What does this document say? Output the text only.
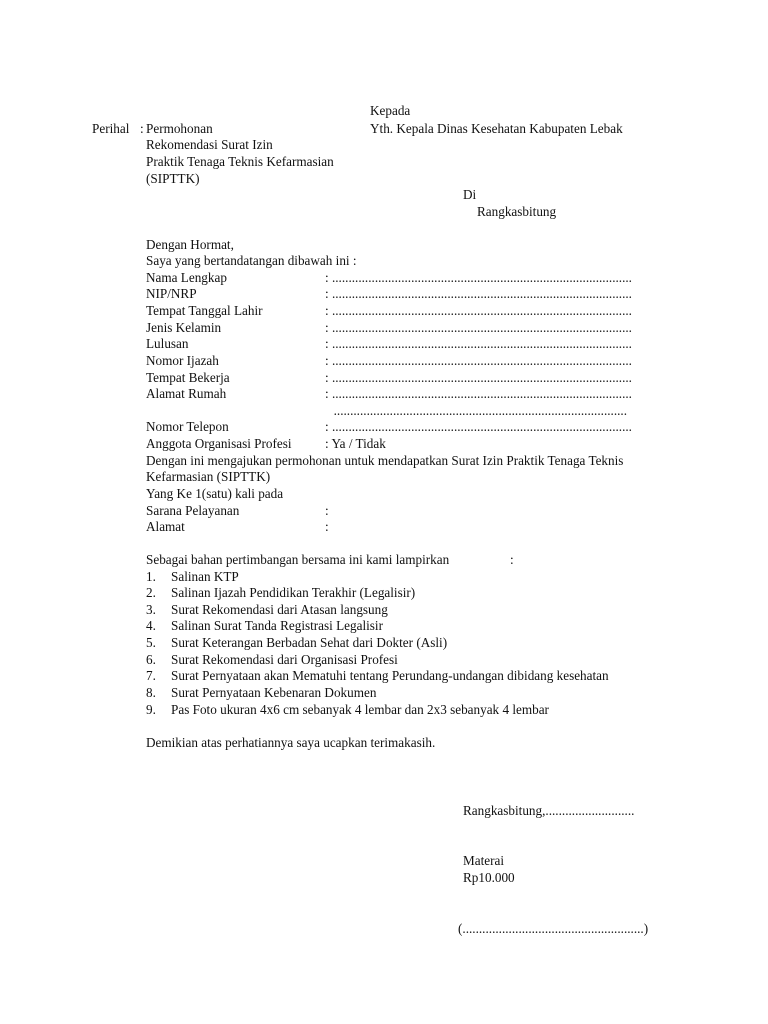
Kepada
Perihal : Permohonan
Rekomendasi Surat Izin
Praktik Tenaga Teknis Kefarmasian
(SIPTTK)
Yth. Kepala Dinas Kesehatan Kabupaten Lebak
Di
Rangkasbitung
Dengan Hormat,
Saya yang bertandatangan dibawah ini :
Nama Lengkap	: ...........................................................................................
NIP/NRP	: ...........................................................................................
Tempat Tanggal Lahir	: ...........................................................................................
Jenis Kelamin	: ...........................................................................................
Lulusan	: ...........................................................................................
Nomor Ijazah	: ...........................................................................................
Tempat Bekerja	: ...........................................................................................
Alamat Rumah	: ...........................................................................................
.........................................................................................
Nomor Telepon	: ...........................................................................................
Anggota Organisasi Profesi	: Ya / Tidak
Dengan ini mengajukan permohonan untuk mendapatkan Surat Izin Praktik Tenaga Teknis
Kefarmasian (SIPTTK)
Yang Ke 1(satu) kali pada
Sarana Pelayanan	:
Alamat	:
Sebagai bahan pertimbangan bersama ini kami lampirkan	:
1. Salinan KTP
2. Salinan Ijazah Pendidikan Terakhir (Legalisir)
3. Surat Rekomendasi dari Atasan langsung
4. Salinan Surat Tanda Registrasi Legalisir
5. Surat Keterangan Berbadan Sehat dari Dokter (Asli)
6. Surat Rekomendasi dari Organisasi Profesi
7. Surat Pernyataan akan Mematuhi tentang Perundang-undangan dibidang kesehatan
8. Surat Pernyataan Kebenaran Dokumen
9. Pas Foto ukuran 4x6 cm sebanyak 4 lembar dan 2x3 sebanyak 4 lembar
Demikian atas perhatiannya saya ucapkan terimakasih.
Rangkasbitung,...........................
Materai
Rp10.000
(.......................................................)
